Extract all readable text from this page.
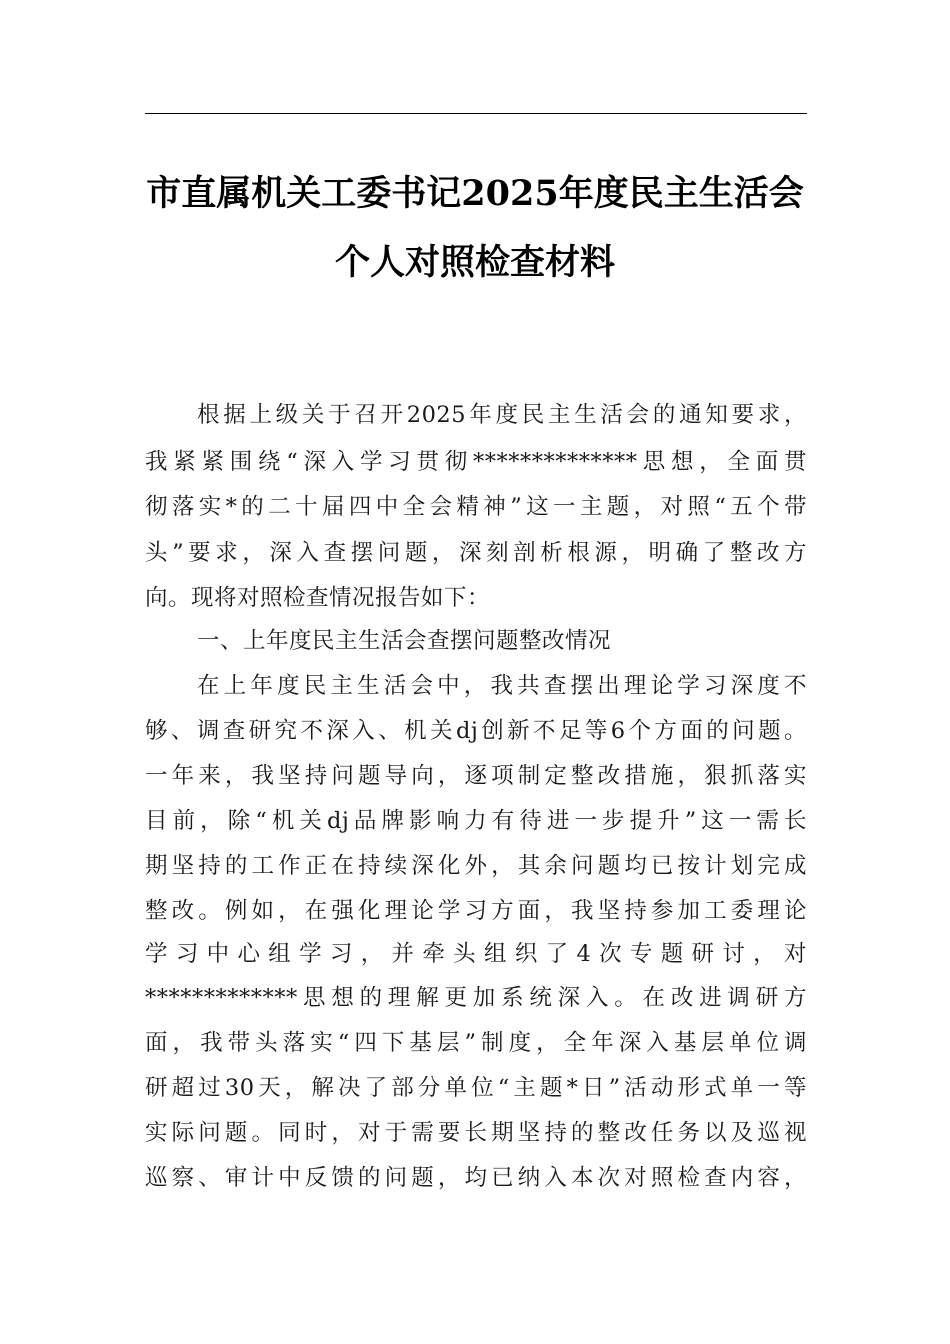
市直属机关工委书记2025年度民主生活会
个人对照检查材料
根据上级关于召开2025年度民主生活会的通知要求，
我紧紧围绕“深入学习贯彻**************思想，全面贯
彻落实*的二十届四中全会精神”这一主题，对照“五个带
头”要求，深入查摆问题，深刻剖析根源，明确了整改方
向。现将对照检查情况报告如下：
一、上年度民主生活会查摆问题整改情况
在上年度民主生活会中，我共查摆出理论学习深度不
够、调查研究不深入、机关dj创新不足等6个方面的问题。
一年来，我坚持问题导向，逐项制定整改措施，狠抓落实
目前，除“机关dj品牌影响力有待进一步提升”这一需长
期坚持的工作正在持续深化外，其余问题均已按计划完成
整改。例如，在强化理论学习方面，我坚持参加工委理论
学习中心组学习，并牵头组织了4次专题研讨，对
*************思想的理解更加系统深入。在改进调研方
面，我带头落实“四下基层”制度，全年深入基层单位调
研超过30天，解决了部分单位“主题*日”活动形式单一等
实际问题。同时，对于需要长期坚持的整改任务以及巡视
巡察、审计中反馈的问题，均已纳入本次对照检查内容，
